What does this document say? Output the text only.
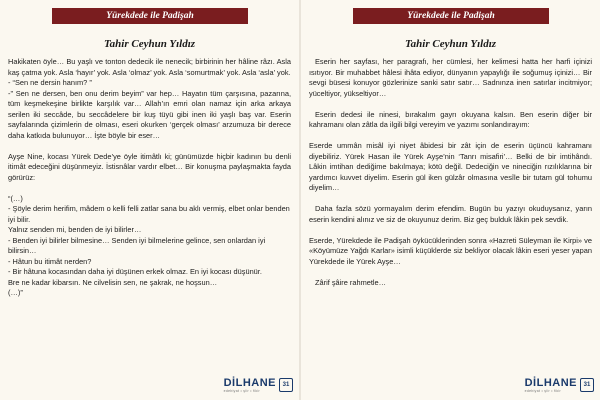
Yürekdede ile Padişah
Tahir Ceyhun Yıldız

Hakikaten öyle… Bu yaşlı ve tonton dedecik ile nenecik; birbirinin her hâline râzı. Asla kaş çatma yok. Asla ‘hayır’ yok. Asla ‘olmaz’ yok. Asla ‘somurtmak’ yok. Asla ‘asla’ yok.

- “Sen ne dersin hanım? ”

-” Sen ne dersen, ben onu derim beyim” var hep… Hayatın tüm çarşısına, pazarına, tüm keşmekeşine birlikte karşılık var… Allah’ın emri olan namaz için arka arkaya serilen iki seccâde, bu seccâdelere bir kuş tüyü gibi inen iki yaşlı baş var. Eserin sayfalarında çizimlerin de olması, eseri okurken ‘gerçek olması’ arzumuza bir derece daha katkıda bulunuyor… İşte böyle bir eser…

Ayşe Nine, kocası Yürek Dede’ye öyle itimâtlı ki; günümüzde hiçbir kadının bu denli itimât edeceğini düşünmeyiz. İstisnâlar vardır elbet… Bir konuşma paylaşmakta fayda görürüz:

“(…)

- Şöyle derim herifim, mâdem o kelli felli zatlar sana bu aklı vermiş, elbet onlar benden iyi bilir.

Yalnız senden mi, benden de iyi bilirler…

- Benden iyi bilirler bilmesine… Senden iyi bilmelerine gelince, sen onlardan iyi bilirsin…

- Hâtun bu itimât nerden?

- Bir hâtuna kocasından daha iyi düşünen erkek olmaz. En iyi kocası düşünür.

Bre ne kadar kibarsın. Ne cilvelisin sen, ne şakrak, ne hoşsun…

(…)”

DİLHANE
edebiyat • şiir • fikir
31
Yürekdede ile Padişah
Tahir Ceyhun Yıldız

Eserin her sayfası, her paragrafı, her cümlesi, her kelimesi hatta her harfi içinizi ısıtıyor. Bir muhabbet hâlesi ihâta ediyor, dünyanın yapaylığı ile soğumuş içinizi… Bir sevgi büsesi konuyor gözlerinize sanki satır satır… Sadnınza inen satırlar incitmiyor; yüceltiyor, yükseltiyor…

Eserin dedesi ile ninesi, bırakalım gayrı okuyana kalsın. Ben eserin diğer bir kahramanı olan zâtla da ilgili bilgi vereyim ve yazımı sonlandırayım:

Eserde ummân misâl iyi niyet âbidesi bir zât için de eserin üçüncü kahramanı diyebiliriz. Yürek Hasan ile Yürek Ayşe’nin ‘Tanrı misafiri’… Belki de bir imtihândı. Lâkin imtihan dediğime bakılmaya; kötü değil. Dedeciğin ve nineciğin rızılıklarına bir yardımcı kuvvet diyelim. Eserin gül iken gülzâr olmasına vesîle bir tutam gül tohumu diyelim…

Daha fazla sözü yormayalım derim efendim. Bugün bu yazıyı okuduysanız, yarın eserin kendini alınız ve siz de okuyunuz derim. Biz geç bulduk lâkin pek sevdik.

Eserde, Yürekdede ile Padişah öykücüklerinden sonra «Hazreti Süleyman ile Kirpi» ve «Köyümüze Yağdı Karlar» isimli küçüklerde siz bekliyor olacak lâkin eseri yeser yapan Yürekdede ile Yürek Ayşe…

Zârif şâire rahmetle…

DİLHANE
edebiyat • şiir • fikir
31
